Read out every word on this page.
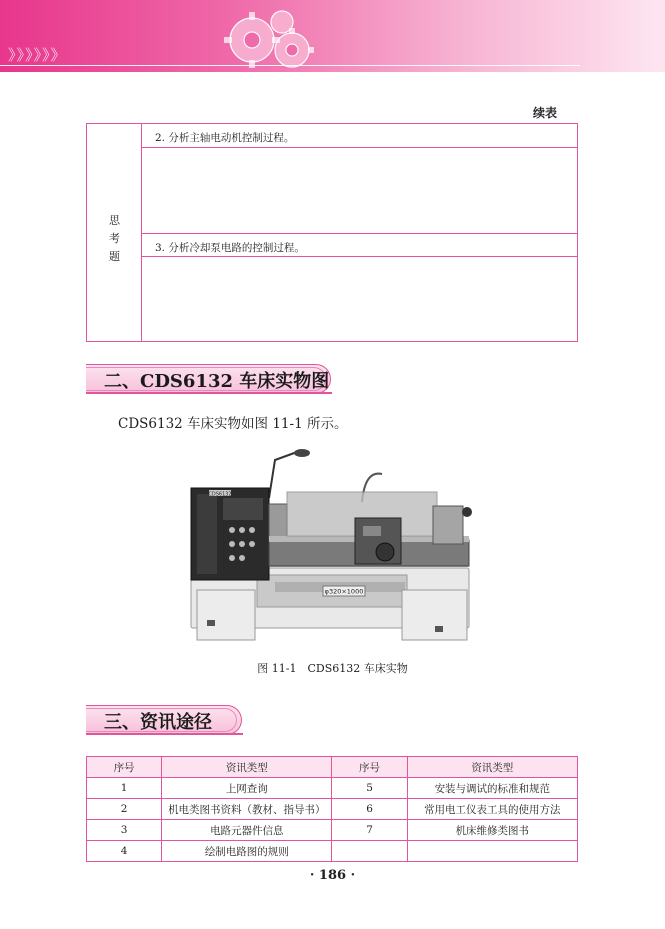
》》》》》》
续表
思
考
题
2. 分析主轴电动机控制过程。
3. 分析冷却泵电路的控制过程。
二、CDS6132 车床实物图
CDS6132 车床实物如图 11-1 所示。
CDS6132
φ320×1000
图 11-1　CDS6132 车床实物
三、资讯途径
序号	资讯类型	序号	资讯类型
1	上网查询	5	安装与调试的标准和规范
2	机电类图书资料（教材、指导书）	6	常用电工仪表工具的使用方法
3	电路元器件信息	7	机床维修类图书
4	绘制电路图的规则		
· 186 ·
